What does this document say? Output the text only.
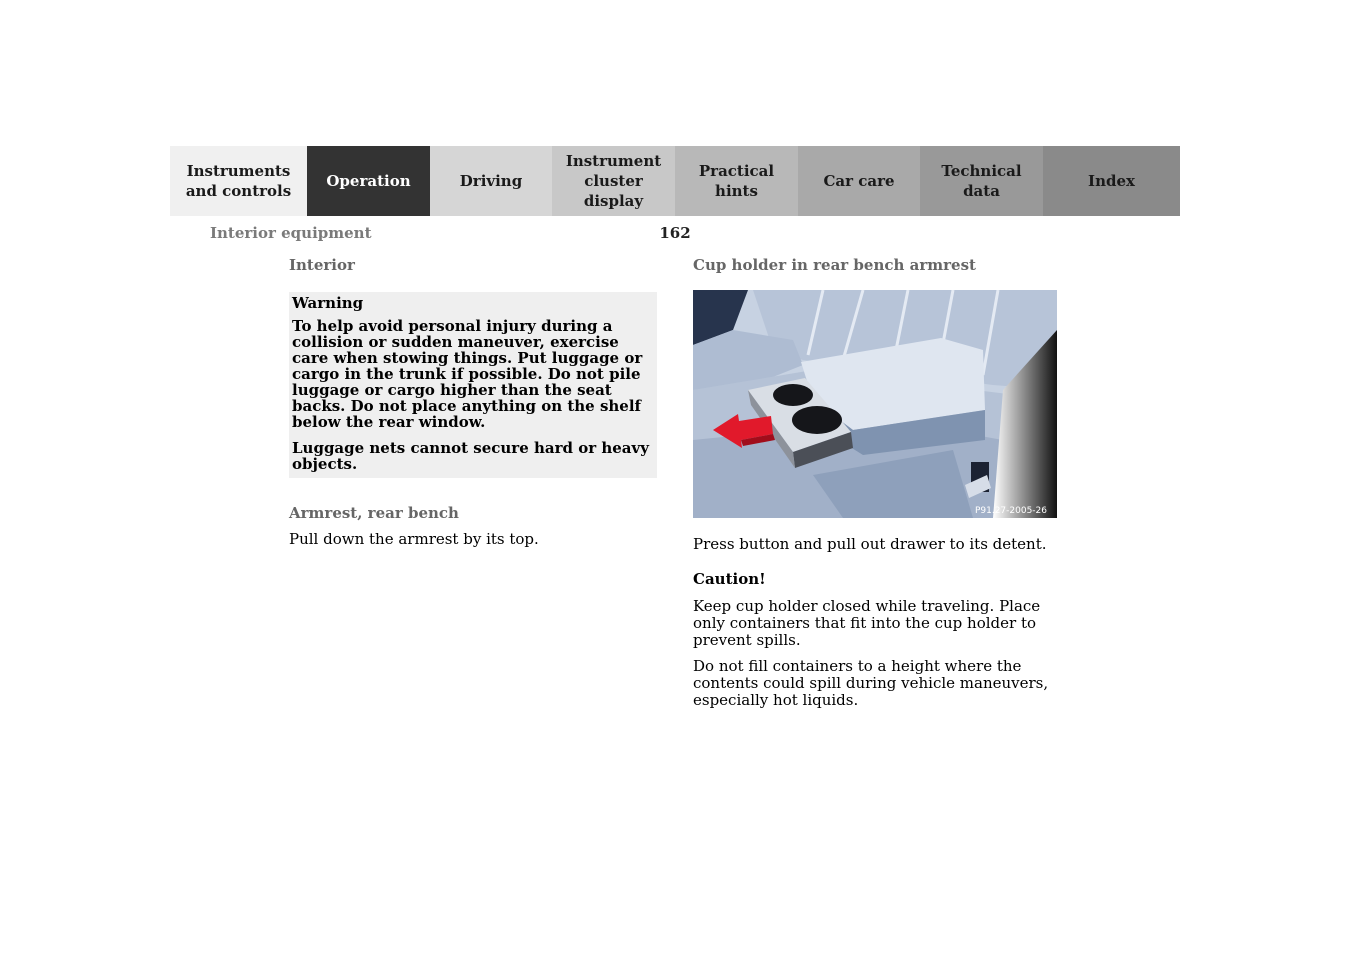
Instruments
and controls
Operation	Driving
Instrument
cluster display
Practical hints
Car care
Technical
data
Index
Interior equipment	162

Interior

Warning

To help avoid personal injury during a collision or sudden maneuver, exercise care when stowing things. Put luggage or cargo in the trunk if possible. Do not pile luggage or cargo higher than the seat backs. Do not place anything on the shelf below the rear window.

Luggage nets cannot secure hard or heavy objects.

Armrest, rear bench

Pull down the armrest by its top.

Cup holder in rear bench armrest

P91.27-2005-26

Press button and pull out drawer to its detent.

Caution!

Keep cup holder closed while traveling. Place only containers that fit into the cup holder to prevent spills.

Do not fill containers to a height where the contents could spill during vehicle maneuvers, especially hot liquids.
